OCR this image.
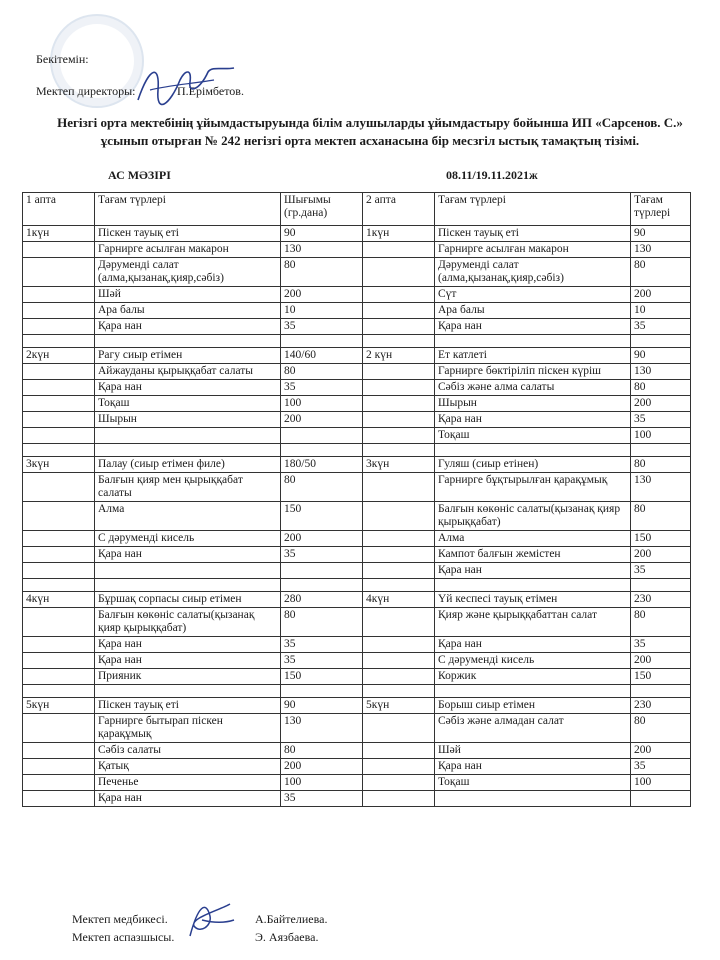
Бекітемін:
Мектеп директоры:	П.Ерімбетов.
Негізгі орта мектебінің ұйымдастыруында білім алушыларды ұйымдастыру бойынша ИП «Сарсенов. С.»
ұсынып отырған № 242 негізгі орта мектеп асханасына бір месзгіл ыстық тамақтың тізімі.
АС МӘЗІРІ	08.11/19.11.2021ж
1 апта	Тағам түрлері	Шығымы (гр.дана)	2 апта	Тағам түрлері	Тағам түрлері
1күн	Піскен тауық еті	90	1күн	Піскен тауық еті	90
	Гарнирге асылған макарон	130		Гарнирге асылған макарон	130
	Дәруменді салат (алма,қызанақ,қияр,сәбіз)	80		Дәруменді салат (алма,қызанақ,қияр,сәбіз)	80
	Шәй	200		Сүт	200
	Ара балы	10		Ара балы	10
	Қара нан	35		Қара нан	35

2күн	Рагу сиыр етімен	140/60	2 күн	Ет катлеті	90
	Айжауданы қырыққабат салаты	80		Гарнирге бөктіріліп піскен күріш	130
	Қара нан	35		Сәбіз және алма салаты	80
	Тоқаш	100		Шырын	200
	Шырын	200		Қара нан	35
				Тоқаш	100

3күн	Палау (сиыр етімен филе)	180/50	3күн	Гуляш (сиыр етінен)	80
	Балғын қияр мен қырыққабат салаты	80		Гарнирге бұқтырылған қарақұмық	130
	Алма	150		Балғын көкөніс салаты(қызанақ қияр қырыққабат)	80
	С дәруменді кисель	200		Алма	150
	Қара нан	35		Кампот балғын жемістен	200
				Қара нан	35

4күн	Бұршақ сорпасы сиыр етімен	280	4күн	Үй кеспесі тауық етімен	230
	Балғын көкөніс салаты(қызанақ қияр қырыққабат)	80		Қияр және қырыққабаттан салат	80
	Қара нан	35		Қара нан	35
	Қара нан	35		С дәруменді кисель	200
	Прияник	150		Коржик	150

5күн	Піскен тауық еті	90	5күн	Борыш сиыр етімен	230
	Гарнирге бытырап піскен қарақұмық	130		Сәбіз және алмадан салат	80
	Сәбіз салаты	80		Шәй	200
	Қатық	200		Қара нан	35
	Печенье	100		Тоқаш	100
	Қара нан	35			
Мектеп медбикесі.	А.Байтелиева.
Мектеп аспазшысы.	Э. Аязбаева.
